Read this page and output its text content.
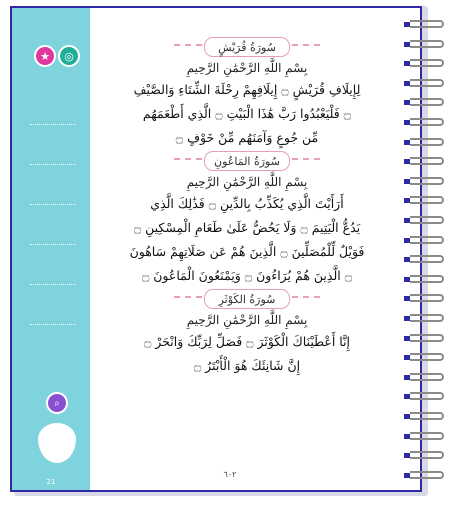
★ ◎
⌕
21
سُورَةُ قُرَيْشٍ
بِسْمِ اللَّهِ الرَّحْمَٰنِ الرَّحِيمِ
لِإِيلَافِ قُرَيْشٍ ۝ إِيلَافِهِمْ رِحْلَةَ الشِّتَاءِ وَالصَّيْفِ
۝ فَلْيَعْبُدُوا رَبَّ هَٰذَا الْبَيْتِ ۝ الَّذِي أَطْعَمَهُم
مِّن جُوعٍ وَآمَنَهُم مِّنْ خَوْفٍ ۝
سُورَةُ المَاعُونِ
بِسْمِ اللَّهِ الرَّحْمَٰنِ الرَّحِيمِ
أَرَأَيْتَ الَّذِي يُكَذِّبُ بِالدِّينِ ۝ فَذَٰلِكَ الَّذِي
يَدُعُّ الْيَتِيمَ ۝ وَلَا يَحُضُّ عَلَىٰ طَعَامِ الْمِسْكِينِ ۝
فَوَيْلٌ لِّلْمُصَلِّينَ ۝ الَّذِينَ هُمْ عَن صَلَاتِهِمْ سَاهُونَ
۝ الَّذِينَ هُمْ يُرَاءُونَ ۝ وَيَمْنَعُونَ الْمَاعُونَ ۝
سُورَةُ الكَوْثَرِ
بِسْمِ اللَّهِ الرَّحْمَٰنِ الرَّحِيمِ
إِنَّا أَعْطَيْنَاكَ الْكَوْثَرَ ۝ فَصَلِّ لِرَبِّكَ وَانْحَرْ ۝
إِنَّ شَانِئَكَ هُوَ الْأَبْتَرُ ۝
٦٠٢
